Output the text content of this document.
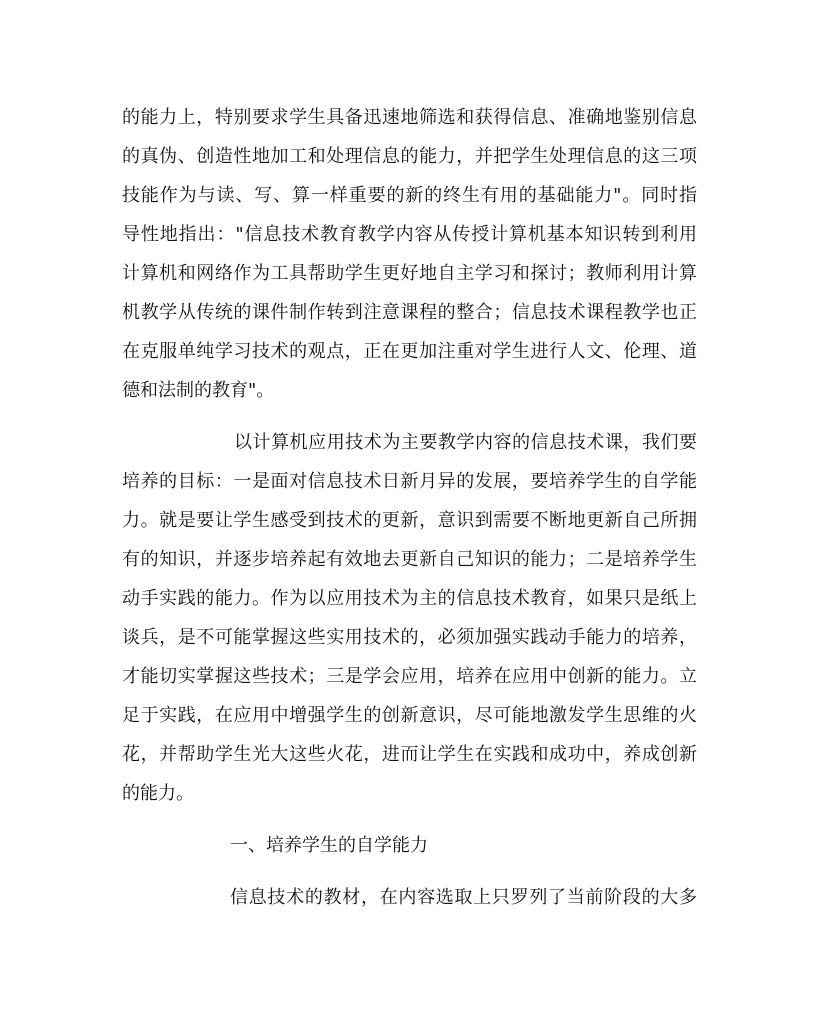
的能力上，特别要求学生具备迅速地筛选和获得信息、准确地鉴别信息
的真伪、创造性地加工和处理信息的能力，并把学生处理信息的这三项
技能作为与读、写、算一样重要的新的终生有用的基础能力"。同时指
导性地指出："信息技术教育教学内容从传授计算机基本知识转到利用
计算机和网络作为工具帮助学生更好地自主学习和探讨；教师利用计算
机教学从传统的课件制作转到注意课程的整合；信息技术课程教学也正
在克服单纯学习技术的观点，正在更加注重对学生进行人文、伦理、道
德和法制的教育"。
以计算机应用技术为主要教学内容的信息技术课，我们要
培养的目标：一是面对信息技术日新月异的发展，要培养学生的自学能
力。就是要让学生感受到技术的更新，意识到需要不断地更新自己所拥
有的知识，并逐步培养起有效地去更新自己知识的能力；二是培养学生
动手实践的能力。作为以应用技术为主的信息技术教育，如果只是纸上
谈兵，是不可能掌握这些实用技术的，必须加强实践动手能力的培养，
才能切实掌握这些技术；三是学会应用，培养在应用中创新的能力。立
足于实践，在应用中增强学生的创新意识，尽可能地激发学生思维的火
花，并帮助学生光大这些火花，进而让学生在实践和成功中，养成创新
的能力。
一、培养学生的自学能力
信息技术的教材，在内容选取上只罗列了当前阶段的大多
